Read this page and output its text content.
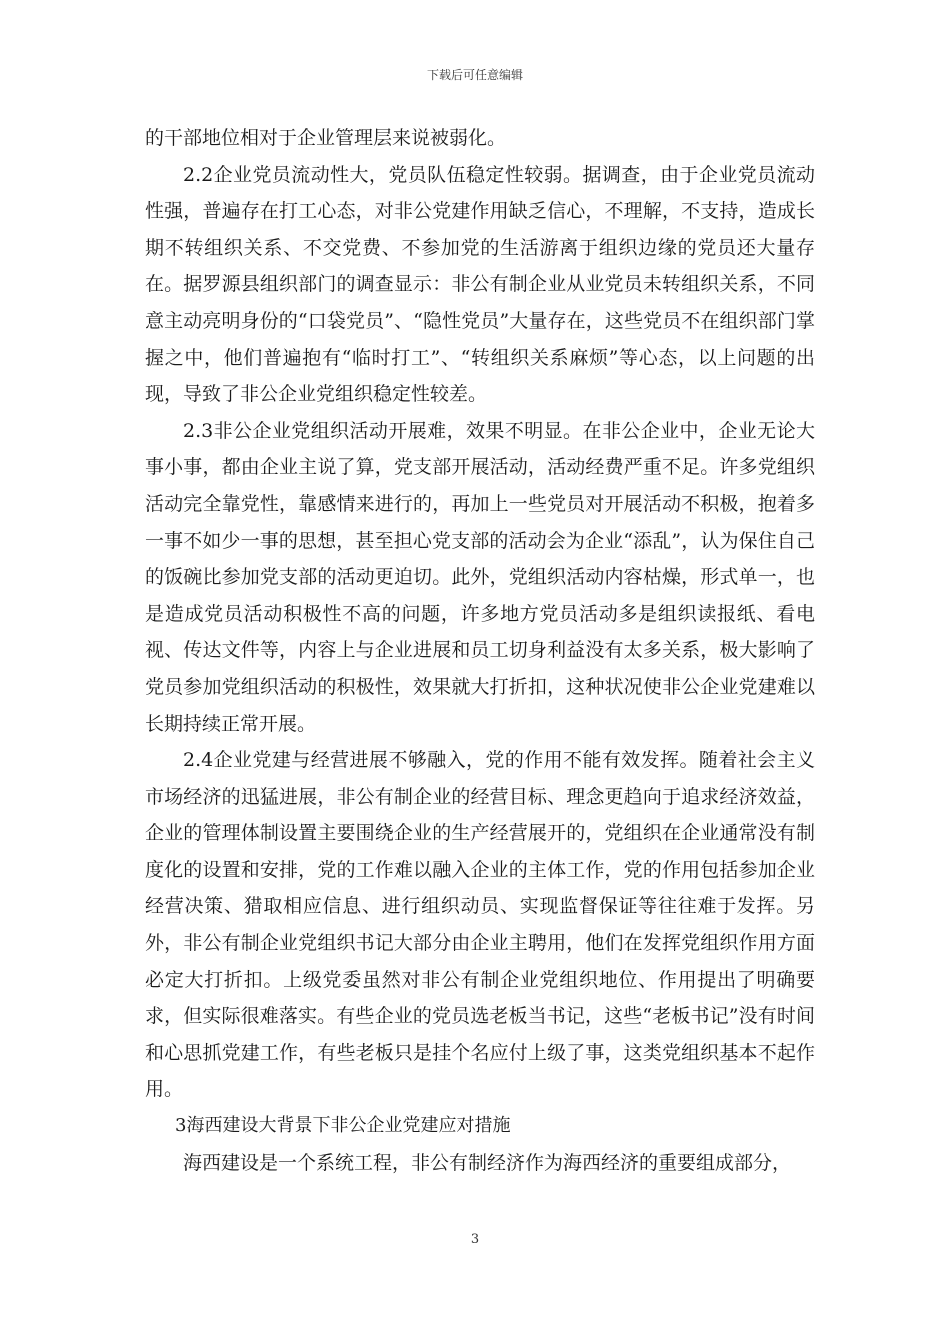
下载后可任意编辑

的干部地位相对于企业管理层来说被弱化。

2.2企业党员流动性大，党员队伍稳定性较弱。据调查，由于企业党员流动性强，普遍存在打工心态，对非公党建作用缺乏信心，不理解，不支持，造成长期不转组织关系、不交党费、不参加党的生活游离于组织边缘的党员还大量存在。据罗源县组织部门的调查显示：非公有制企业从业党员未转组织关系，不同意主动亮明身份的“口袋党员”、“隐性党员”大量存在，这些党员不在组织部门掌握之中，他们普遍抱有“临时打工”、“转组织关系麻烦”等心态，以上问题的出现，导致了非公企业党组织稳定性较差。

2.3非公企业党组织活动开展难，效果不明显。在非公企业中，企业无论大事小事，都由企业主说了算，党支部开展活动，活动经费严重不足。许多党组织活动完全靠党性，靠感情来进行的，再加上一些党员对开展活动不积极，抱着多一事不如少一事的思想，甚至担心党支部的活动会为企业“添乱”，认为保住自己的饭碗比参加党支部的活动更迫切。此外，党组织活动内容枯燥，形式单一，也是造成党员活动积极性不高的问题，许多地方党员活动多是组织读报纸、看电视、传达文件等，内容上与企业进展和员工切身利益没有太多关系，极大影响了党员参加党组织活动的积极性，效果就大打折扣，这种状况使非公企业党建难以长期持续正常开展。

2.4企业党建与经营进展不够融入，党的作用不能有效发挥。随着社会主义市场经济的迅猛进展，非公有制企业的经营目标、理念更趋向于追求经济效益，企业的管理体制设置主要围绕企业的生产经营展开的，党组织在企业通常没有制度化的设置和安排，党的工作难以融入企业的主体工作，党的作用包括参加企业经营决策、猎取相应信息、进行组织动员、实现监督保证等往往难于发挥。另外，非公有制企业党组织书记大部分由企业主聘用，他们在发挥党组织作用方面必定大打折扣。上级党委虽然对非公有制企业党组织地位、作用提出了明确要求，但实际很难落实。有些企业的党员选老板当书记，这些“老板书记”没有时间和心思抓党建工作，有些老板只是挂个名应付上级了事，这类党组织基本不起作用。

3海西建设大背景下非公企业党建应对措施

海西建设是一个系统工程，非公有制经济作为海西经济的重要组成部分，

3
